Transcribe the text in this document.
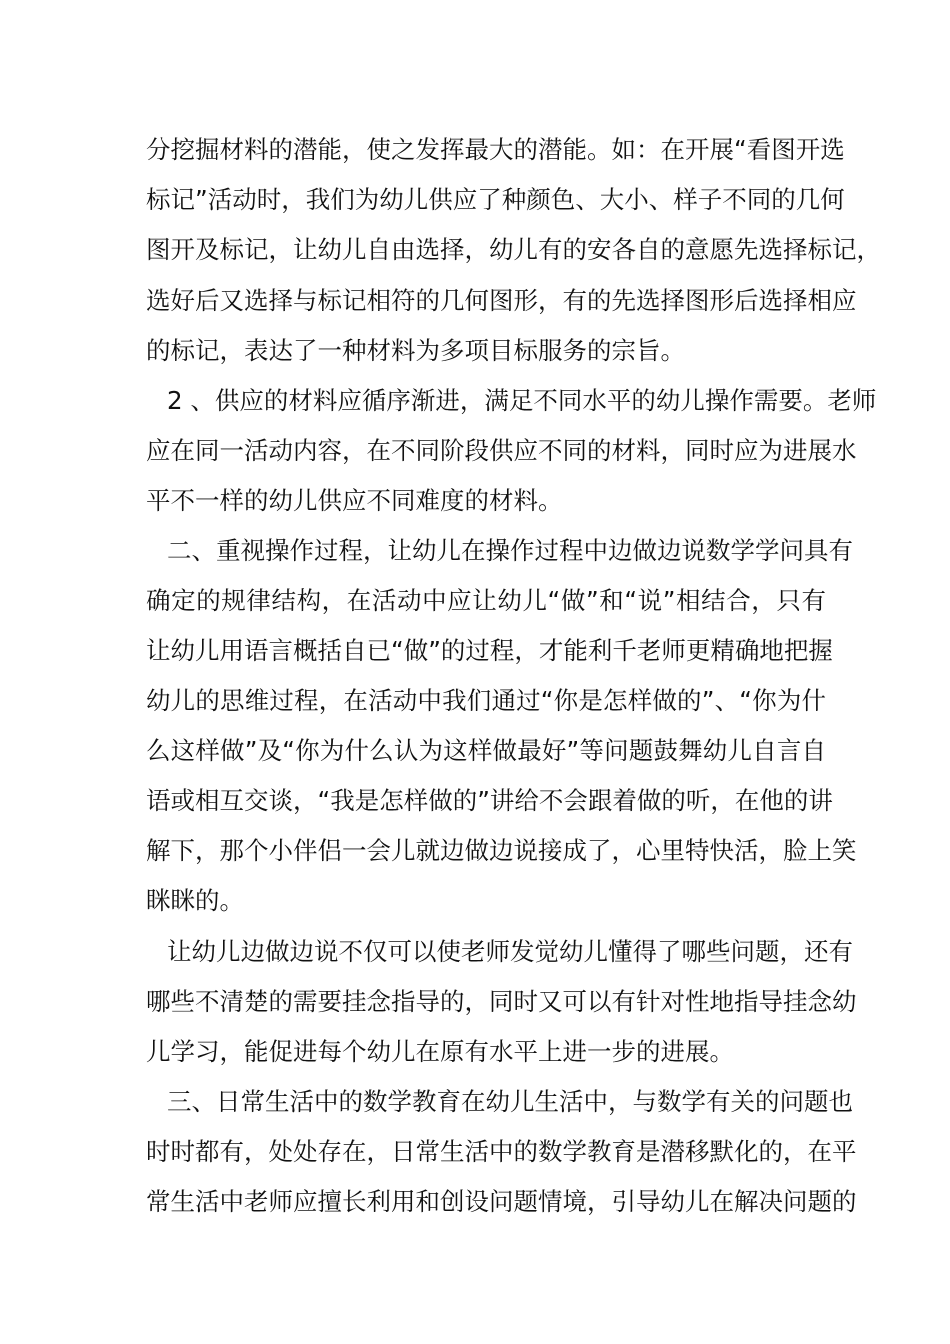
分挖掘材料的潜能，使之发挥最大的潜能。如：在开展“看图开选
标记”活动时，我们为幼儿供应了种颜色、大小、样子不同的几何
图开及标记，让幼儿自由选择，幼儿有的安各自的意愿先选择标记，
选好后又选择与标记相符的几何图形，有的先选择图形后选择相应
的标记，表达了一种材料为多项目标服务的宗旨。
2 、供应的材料应循序渐进，满足不同水平的幼儿操作需要。老师
应在同一活动内容，在不同阶段供应不同的材料，同时应为进展水
平不一样的幼儿供应不同难度的材料。
二、重视操作过程，让幼儿在操作过程中边做边说数学学问具有
确定的规律结构，在活动中应让幼儿“做”和“说”相结合，只有
让幼儿用语言概括自已“做”的过程，才能利千老师更精确地把握
幼儿的思维过程，在活动中我们通过“你是怎样做的”、“你为什
么这样做”及“你为什么认为这样做最好”等问题鼓舞幼儿自言自
语或相互交谈，“我是怎样做的”讲给不会跟着做的听，在他的讲
解下，那个小伴侣一会儿就边做边说接成了，心里特快活，脸上笑
眯眯的。
让幼儿边做边说不仅可以使老师发觉幼儿懂得了哪些问题，还有
哪些不清楚的需要挂念指导的，同时又可以有针对性地指导挂念幼
儿学习，能促进每个幼儿在原有水平上进一步的进展。
三、日常生活中的数学教育在幼儿生活中，与数学有关的问题也
时时都有，处处存在，日常生活中的数学教育是潜移默化的，在平
常生活中老师应擅长利用和创设问题情境，引导幼儿在解决问题的
